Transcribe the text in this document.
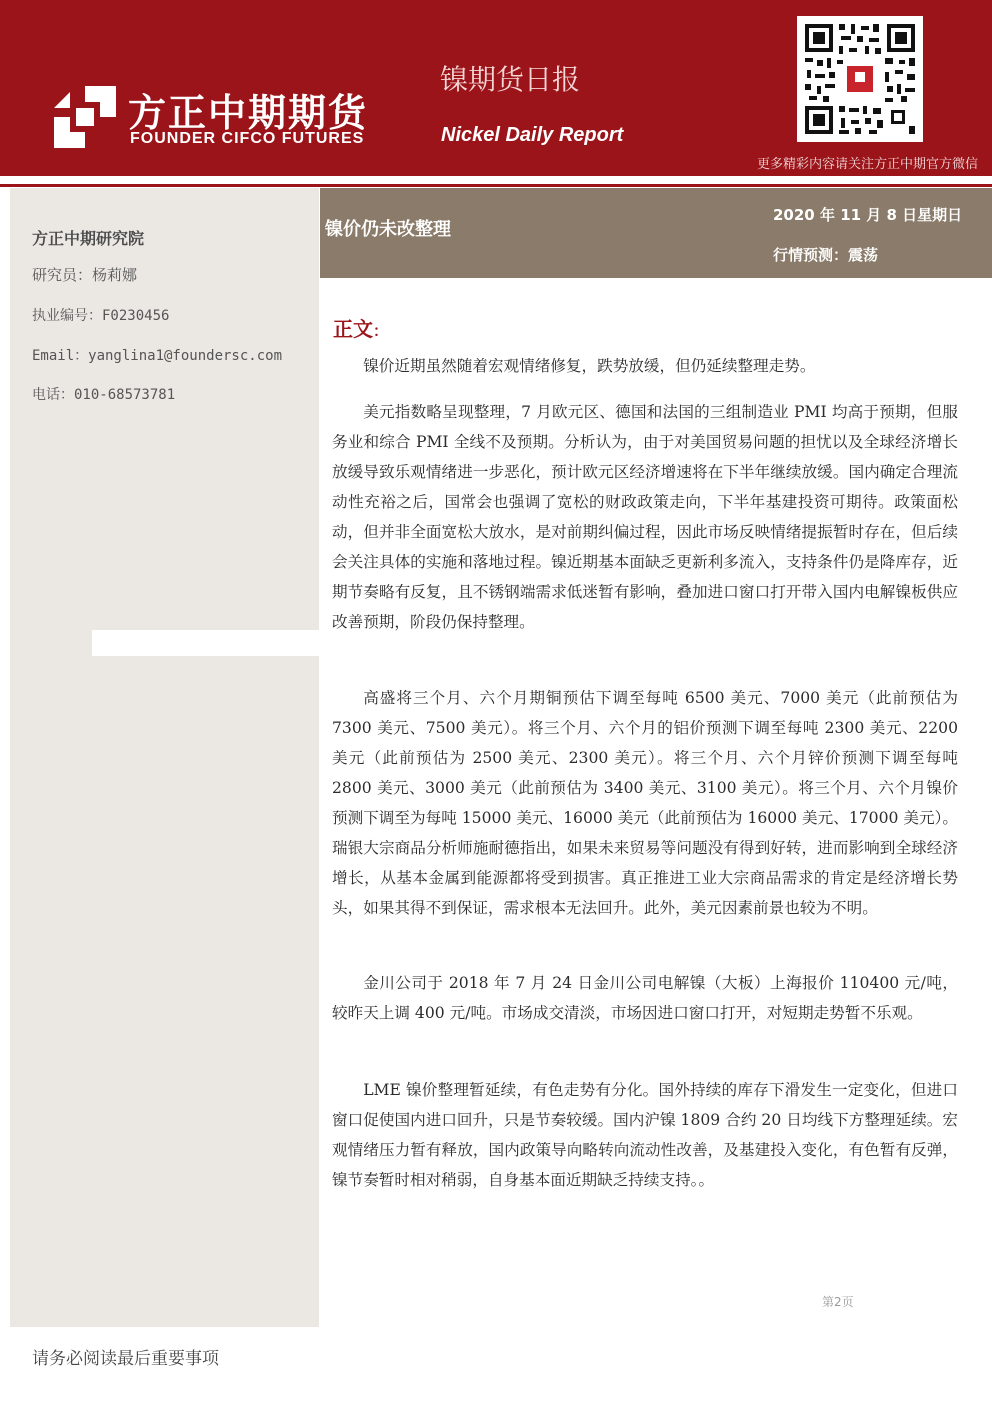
方正中期期货
FOUNDER CIFCO FUTURES
镍期货日报
Nickel Daily Report
更多精彩内容请关注方正中期官方微信
方正中期研究院
研究员：杨莉娜
执业编号：F0230456
Email：yanglina1@foundersc.com
电话：010-68573781
镍价仍未改整理
2020 年 11 月 8 日星期日
行情预测：震荡
正文：

镍价近期虽然随着宏观情绪修复，跌势放缓，但仍延续整理走势。

美元指数略呈现整理，7 月欧元区、德国和法国的三组制造业 PMI 均高于预期，但服务业和综合 PMI 全线不及预期。分析认为，由于对美国贸易问题的担忧以及全球经济增长放缓导致乐观情绪进一步恶化，预计欧元区经济增速将在下半年继续放缓。国内确定合理流动性充裕之后，国常会也强调了宽松的财政政策走向，下半年基建投资可期待。政策面松动，但并非全面宽松大放水，是对前期纠偏过程，因此市场反映情绪提振暂时存在，但后续会关注具体的实施和落地过程。镍近期基本面缺乏更新利多流入，支持条件仍是降库存，近期节奏略有反复，且不锈钢端需求低迷暂有影响，叠加进口窗口打开带入国内电解镍板供应改善预期，阶段仍保持整理。

高盛将三个月、六个月期铜预估下调至每吨 6500 美元、7000 美元（此前预估为 7300 美元、7500 美元）。将三个月、六个月的铝价预测下调至每吨 2300 美元、2200 美元（此前预估为 2500 美元、2300 美元）。将三个月、六个月锌价预测下调至每吨 2800 美元、3000 美元（此前预估为 3400 美元、3100 美元）。将三个月、六个月镍价预测下调至为每吨 15000 美元、16000 美元（此前预估为 16000 美元、17000 美元）。瑞银大宗商品分析师施耐德指出，如果未来贸易等问题没有得到好转，进而影响到全球经济增长，从基本金属到能源都将受到损害。真正推进工业大宗商品需求的肯定是经济增长势头，如果其得不到保证，需求根本无法回升。此外，美元因素前景也较为不明。

金川公司于 2018 年 7 月 24 日金川公司电解镍（大板）上海报价 110400 元/吨，较昨天上调 400 元/吨。市场成交清淡，市场因进口窗口打开，对短期走势暂不乐观。

LME 镍价整理暂延续，有色走势有分化。国外持续的库存下滑发生一定变化，但进口窗口促使国内进口回升，只是节奏较缓。国内沪镍 1809 合约 20 日均线下方整理延续。宏观情绪压力暂有释放，国内政策导向略转向流动性改善，及基建投入变化，有色暂有反弹，镍节奏暂时相对稍弱，自身基本面近期缺乏持续支持。。

第2页
请务必阅读最后重要事项
